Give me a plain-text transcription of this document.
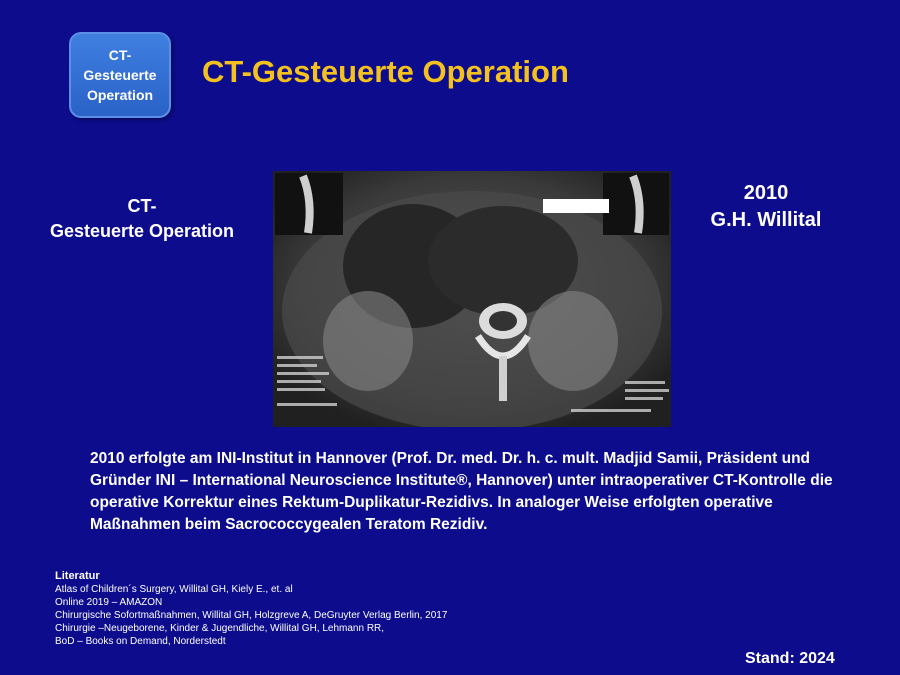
CT-
Gesteuerte
Operation
CT-Gesteuerte Operation
CT-
Gesteuerte Operation
2010
G.H. Willital
2010 erfolgte am INI-Institut in Hannover (Prof. Dr. med. Dr. h. c. mult. Madjid Samii, Präsident und Gründer INI – International Neuroscience Institute®, Hannover) unter intraoperativer CT-Kontrolle die operative Korrektur eines Rektum-Duplikatur-Rezidivs. In analoger Weise erfolgten operative Maßnahmen beim Sacrococcygealen Teratom Rezidiv.
Literatur
Atlas of Children´s Surgery, Willital GH, Kiely E., et. al
Online 2019 – AMAZON
Chirurgische Sofortmaßnahmen, Willital GH, Holzgreve A, DeGruyter Verlag Berlin, 2017
Chirurgie –Neugeborene, Kinder & Jugendliche, Willital GH, Lehmann RR,
BoD – Books on Demand, Norderstedt
Stand: 2024
